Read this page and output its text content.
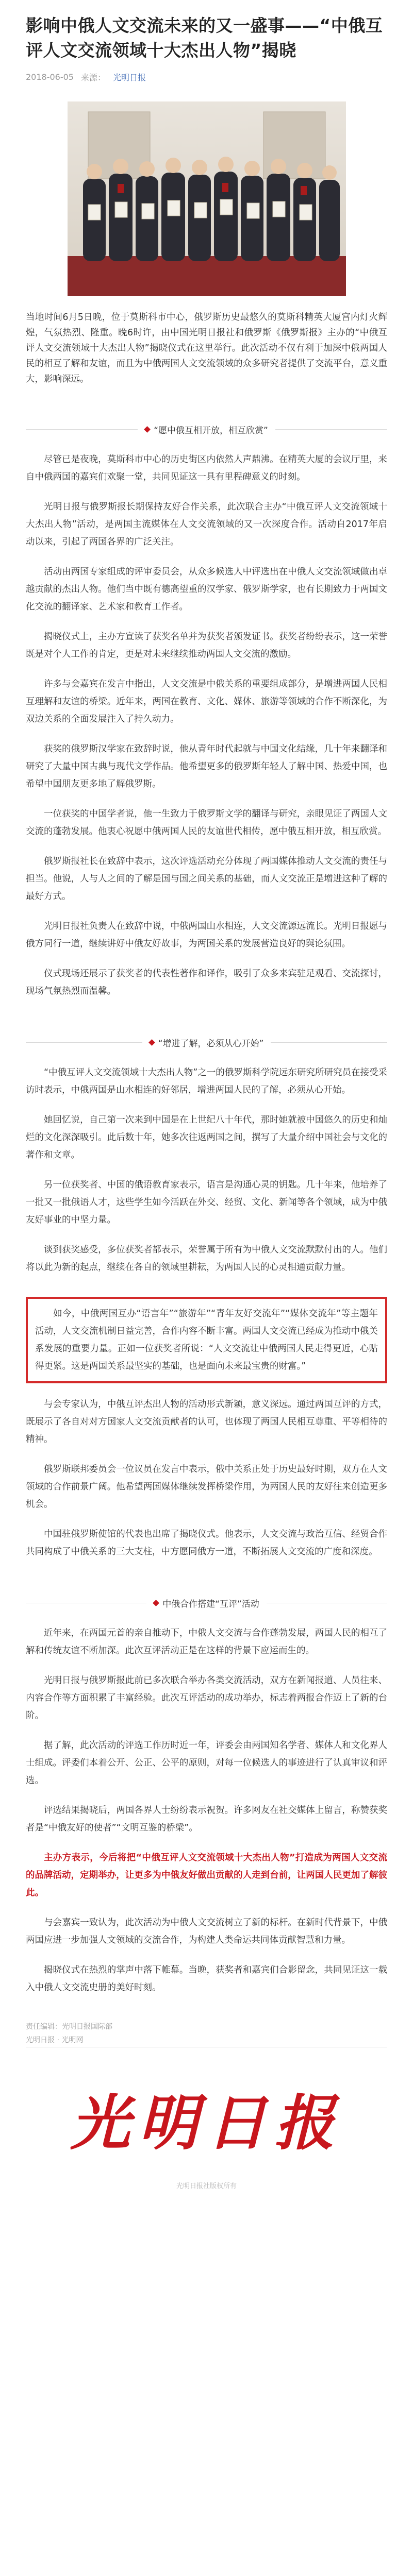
影响中俄人文交流未来的又一盛事——“中俄互评人文交流领域十大杰出人物”揭晓
2018-06-05 来源： 光明日报
当地时间6月5日晚，位于莫斯科市中心，俄罗斯历史最悠久的莫斯科精英大厦宫内灯火辉煌，气氛热烈、隆重。晚6时许，由中国光明日报社和俄罗斯《俄罗斯报》主办的“中俄互评人文交流领域十大杰出人物”揭晓仪式在这里举行。此次活动不仅有利于加深中俄两国人民的相互了解和友谊，而且为中俄两国人文交流领域的众多研究者提供了交流平台，意义重大，影响深远。
“愿中俄互相开放，相互欣赏”

尽管已是夜晚，莫斯科市中心的历史街区内依然人声鼎沸。在精英大厦的会议厅里，来自中俄两国的嘉宾们欢聚一堂，共同见证这一具有里程碑意义的时刻。

光明日报与俄罗斯报长期保持友好合作关系，此次联合主办“中俄互评人文交流领域十大杰出人物”活动，是两国主流媒体在人文交流领域的又一次深度合作。活动自2017年启动以来，引起了两国各界的广泛关注。

活动由两国专家组成的评审委员会，从众多候选人中评选出在中俄人文交流领域做出卓越贡献的杰出人物。他们当中既有德高望重的汉学家、俄罗斯学家，也有长期致力于两国文化交流的翻译家、艺术家和教育工作者。

揭晓仪式上，主办方宣读了获奖名单并为获奖者颁发证书。获奖者纷纷表示，这一荣誉既是对个人工作的肯定，更是对未来继续推动两国人文交流的激励。

许多与会嘉宾在发言中指出，人文交流是中俄关系的重要组成部分，是增进两国人民相互理解和友谊的桥梁。近年来，两国在教育、文化、媒体、旅游等领域的合作不断深化，为双边关系的全面发展注入了持久动力。

获奖的俄罗斯汉学家在致辞时说，他从青年时代起就与中国文化结缘，几十年来翻译和研究了大量中国古典与现代文学作品。他希望更多的俄罗斯年轻人了解中国、热爱中国，也希望中国朋友更多地了解俄罗斯。

一位获奖的中国学者说，他一生致力于俄罗斯文学的翻译与研究，亲眼见证了两国人文交流的蓬勃发展。他衷心祝愿中俄两国人民的友谊世代相传，愿中俄互相开放，相互欣赏。

俄罗斯报社长在致辞中表示，这次评选活动充分体现了两国媒体推动人文交流的责任与担当。他说，人与人之间的了解是国与国之间关系的基础，而人文交流正是增进这种了解的最好方式。

光明日报社负责人在致辞中说，中俄两国山水相连，人文交流源远流长。光明日报愿与俄方同行一道，继续讲好中俄友好故事，为两国关系的发展营造良好的舆论氛围。

仪式现场还展示了获奖者的代表性著作和译作，吸引了众多来宾驻足观看、交流探讨，现场气氛热烈而温馨。

“增进了解，必须从心开始”

“中俄互评人文交流领域十大杰出人物”之一的俄罗斯科学院远东研究所研究员在接受采访时表示，中俄两国是山水相连的好邻居，增进两国人民的了解，必须从心开始。

她回忆说，自己第一次来到中国是在上世纪八十年代，那时她就被中国悠久的历史和灿烂的文化深深吸引。此后数十年，她多次往返两国之间，撰写了大量介绍中国社会与文化的著作和文章。

另一位获奖者、中国的俄语教育家表示，语言是沟通心灵的钥匙。几十年来，他培养了一批又一批俄语人才，这些学生如今活跃在外交、经贸、文化、新闻等各个领域，成为中俄友好事业的中坚力量。

谈到获奖感受，多位获奖者都表示，荣誉属于所有为中俄人文交流默默付出的人。他们将以此为新的起点，继续在各自的领域里耕耘，为两国人民的心灵相通贡献力量。

如今，中俄两国互办“语言年”“旅游年”“青年友好交流年”“媒体交流年”等主题年活动，人文交流机制日益完善，合作内容不断丰富。两国人文交流已经成为推动中俄关系发展的重要力量。正如一位获奖者所说：“人文交流让中俄两国人民走得更近，心贴得更紧。这是两国关系最坚实的基础，也是面向未来最宝贵的财富。”

与会专家认为，中俄互评杰出人物的活动形式新颖，意义深远。通过两国互评的方式，既展示了各自对对方国家人文交流贡献者的认可，也体现了两国人民相互尊重、平等相待的精神。

俄罗斯联邦委员会一位议员在发言中表示，俄中关系正处于历史最好时期，双方在人文领域的合作前景广阔。他希望两国媒体继续发挥桥梁作用，为两国人民的友好往来创造更多机会。

中国驻俄罗斯使馆的代表也出席了揭晓仪式。他表示，人文交流与政治互信、经贸合作共同构成了中俄关系的三大支柱，中方愿同俄方一道，不断拓展人文交流的广度和深度。

中俄合作搭建“互评”活动

近年来，在两国元首的亲自推动下，中俄人文交流与合作蓬勃发展，两国人民的相互了解和传统友谊不断加深。此次互评活动正是在这样的背景下应运而生的。

光明日报与俄罗斯报此前已多次联合举办各类交流活动，双方在新闻报道、人员往来、内容合作等方面积累了丰富经验。此次互评活动的成功举办，标志着两报合作迈上了新的台阶。

据了解，此次活动的评选工作历时近一年，评委会由两国知名学者、媒体人和文化界人士组成。评委们本着公开、公正、公平的原则，对每一位候选人的事迹进行了认真审议和评选。

评选结果揭晓后，两国各界人士纷纷表示祝贺。许多网友在社交媒体上留言，称赞获奖者是“中俄友好的使者”“文明互鉴的桥梁”。

主办方表示，今后将把“中俄互评人文交流领域十大杰出人物”打造成为两国人文交流的品牌活动，定期举办，让更多为中俄友好做出贡献的人走到台前，让两国人民更加了解彼此。

与会嘉宾一致认为，此次活动为中俄人文交流树立了新的标杆。在新时代背景下，中俄两国应进一步加强人文领域的交流合作，为构建人类命运共同体贡献智慧和力量。

揭晓仪式在热烈的掌声中落下帷幕。当晚，获奖者和嘉宾们合影留念，共同见证这一载入中俄人文交流史册的美好时刻。

责任编辑：光明日报国际部
光明日报 · 光明网
光明日报
光明日报社版权所有
